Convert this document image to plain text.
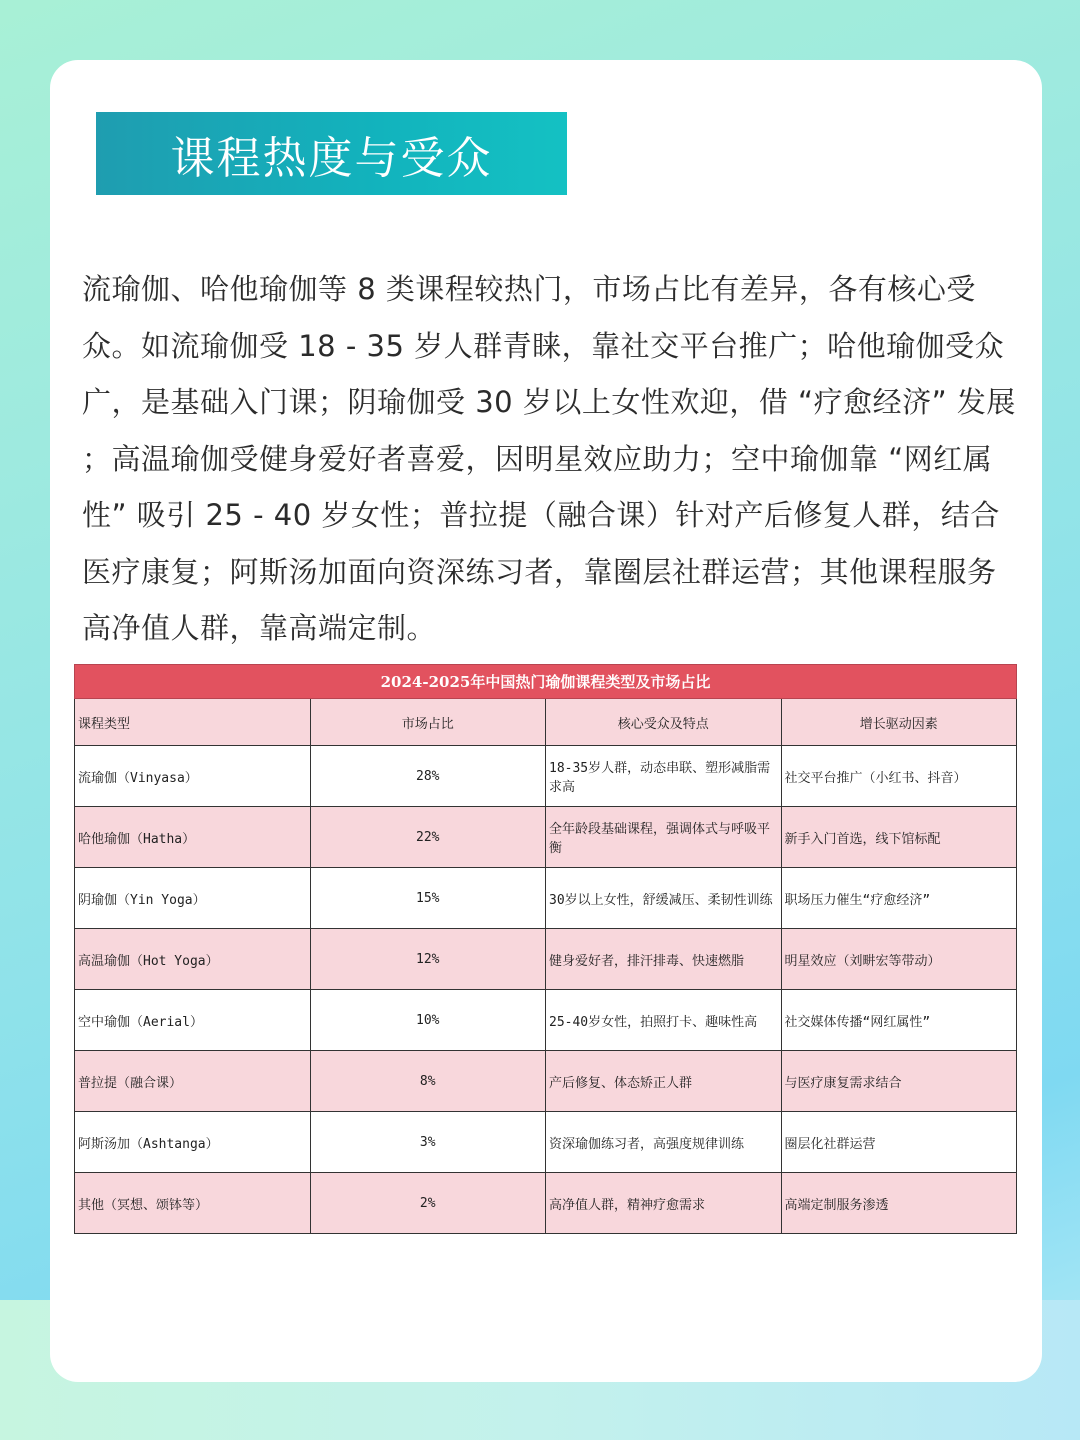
课程热度与受众

流瑜伽、哈他瑜伽等 8 类课程较热门，市场占比有差异，各有核心受众。如流瑜伽受 18 - 35 岁人群青睐，靠社交平台推广；哈他瑜伽受众广，是基础入门课；阴瑜伽受 30 岁以上女性欢迎，借 “疗愈经济” 发展 ；高温瑜伽受健身爱好者喜爱，因明星效应助力；空中瑜伽靠 “网红属性” 吸引 25 - 40 岁女性；普拉提（融合课）针对产后修复人群，结合医疗康复；阿斯汤加面向资深练习者，靠圈层社群运营；其他课程服务高净值人群，靠高端定制。

2024-2025年中国热门瑜伽课程类型及市场占比			
课程类型	市场占比	核心受众及特点	增长驱动因素
流瑜伽（Vinyasa）	28%	18-35岁人群，动态串联、塑形减脂需求高	社交平台推广（小红书、抖音）
哈他瑜伽（Hatha）	22%	全年龄段基础课程，强调体式与呼吸平衡	新手入门首选，线下馆标配
阴瑜伽（Yin Yoga）	15%	30岁以上女性，舒缓减压、柔韧性训练	职场压力催生“疗愈经济”
高温瑜伽（Hot Yoga）	12%	健身爱好者，排汗排毒、快速燃脂	明星效应（刘畊宏等带动）
空中瑜伽（Aerial）	10%	25-40岁女性，拍照打卡、趣味性高	社交媒体传播“网红属性”
普拉提（融合课）	8%	产后修复、体态矫正人群	与医疗康复需求结合
阿斯汤加（Ashtanga）	3%	资深瑜伽练习者，高强度规律训练	圈层化社群运营
其他（冥想、颂钵等）	2%	高净值人群，精神疗愈需求	高端定制服务渗透
